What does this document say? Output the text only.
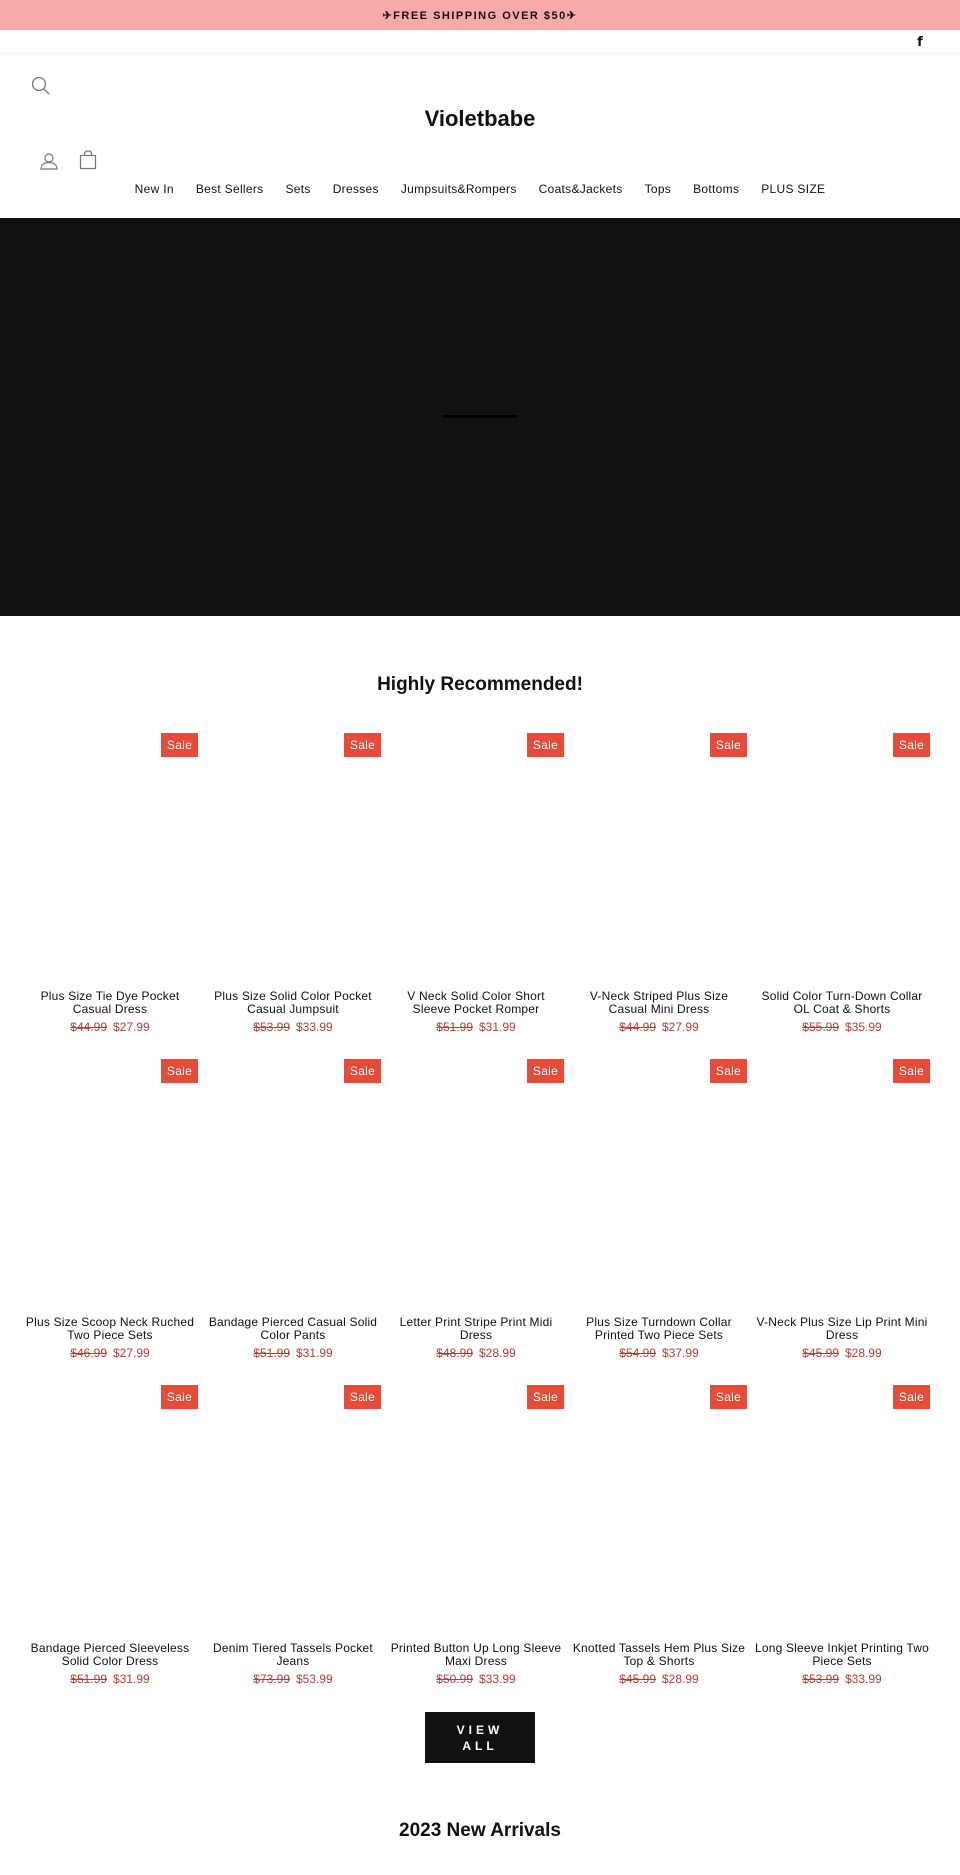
✈FREE SHIPPING OVER $50✈
f
Violetbabe
New In	Best Sellers	Sets	Dresses	Jumpsuits&Rompers	Coats&Jackets	Tops	Bottoms	PLUS SIZE
Highly Recommended!
Sale
Plus Size Tie Dye Pocket Casual Dress
$44.99 $27.99
Sale
Plus Size Solid Color Pocket Casual Jumpsuit
$53.99 $33.99
Sale
V Neck Solid Color Short Sleeve Pocket Romper
$51.99 $31.99
Sale
V-Neck Striped Plus Size Casual Mini Dress
$44.99 $27.99
Sale
Solid Color Turn-Down Collar OL Coat & Shorts
$55.99 $35.99
Sale
Plus Size Scoop Neck Ruched Two Piece Sets
$46.99 $27.99
Sale
Bandage Pierced Casual Solid Color Pants
$51.99 $31.99
Sale
Letter Print Stripe Print Midi Dress
$48.99 $28.99
Sale
Plus Size Turndown Collar Printed Two Piece Sets
$54.99 $37.99
Sale
V-Neck Plus Size Lip Print Mini Dress
$45.99 $28.99
Sale
Bandage Pierced Sleeveless Solid Color Dress
$51.99 $31.99
Sale
Denim Tiered Tassels Pocket Jeans
$73.99 $53.99
Sale
Printed Button Up Long Sleeve Maxi Dress
$50.99 $33.99
Sale
Knotted Tassels Hem Plus Size Top & Shorts
$45.99 $28.99
Sale
Long Sleeve Inkjet Printing Two Piece Sets
$53.99 $33.99
VIEW ALL
2023 New Arrivals
